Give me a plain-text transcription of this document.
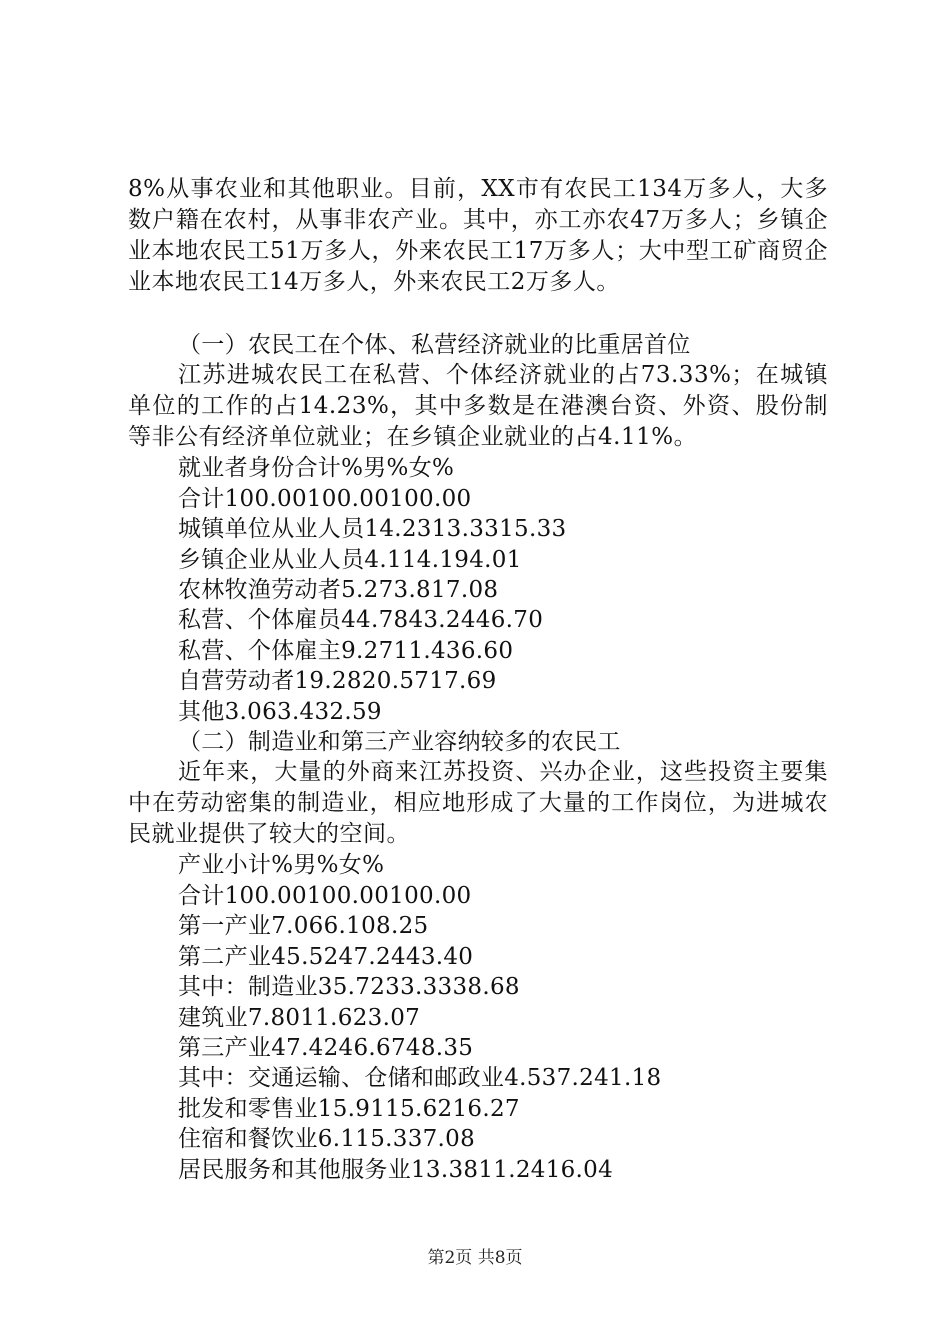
8%从事农业和其他职业。目前，XX市有农民工134万多人，大多数户籍在农村，从事非农产业。其中，亦工亦农47万多人；乡镇企业本地农民工51万多人，外来农民工17万多人；大中型工矿商贸企业本地农民工14万多人，外来农民工2万多人。

（一）农民工在个体、私营经济就业的比重居首位

江苏进城农民工在私营、个体经济就业的占73.33%；在城镇单位的工作的占14.23%，其中多数是在港澳台资、外资、股份制等非公有经济单位就业；在乡镇企业就业的占4.11%。

就业者身份合计%男%女%

合计100.00100.00100.00

城镇单位从业人员14.2313.3315.33

乡镇企业从业人员4.114.194.01

农林牧渔劳动者5.273.817.08

私营、个体雇员44.7843.2446.70

私营、个体雇主9.2711.436.60

自营劳动者19.2820.5717.69

其他3.063.432.59

（二）制造业和第三产业容纳较多的农民工

近年来，大量的外商来江苏投资、兴办企业，这些投资主要集中在劳动密集的制造业，相应地形成了大量的工作岗位，为进城农民就业提供了较大的空间。

产业小计%男%女%

合计100.00100.00100.00

第一产业7.066.108.25

第二产业45.5247.2443.40

其中：制造业35.7233.3338.68

建筑业7.8011.623.07

第三产业47.4246.6748.35

其中：交通运输、仓储和邮政业4.537.241.18

批发和零售业15.9115.6216.27

住宿和餐饮业6.115.337.08

居民服务和其他服务业13.3811.2416.04

第2页 共8页
